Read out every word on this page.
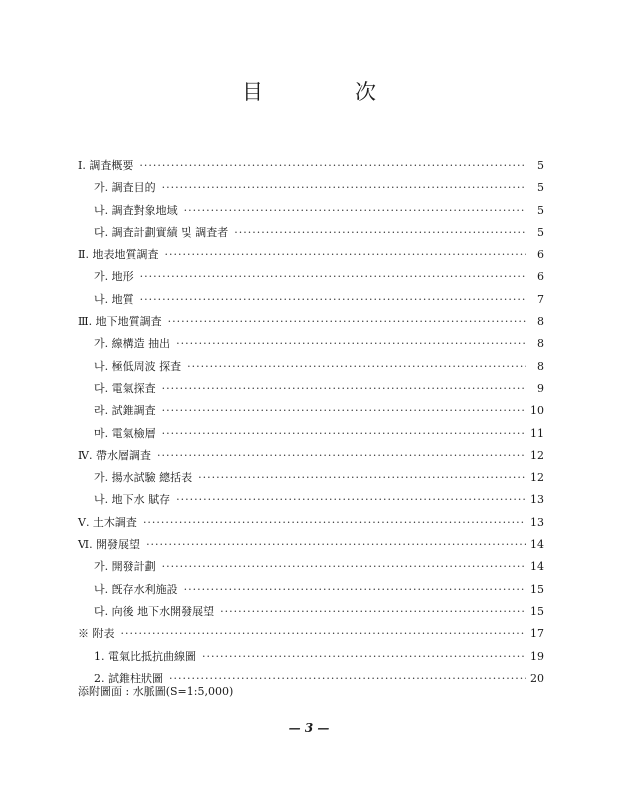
目	次
Ⅰ. 調査概要 ·····	5
가. 調査目的 ·····	5
나. 調査對象地域 ·····	5
다. 調査計劃實績 및 調査者 ·····	5
Ⅱ. 地表地質調査 ·····	6
가. 地形 ·····	6
나. 地質 ·····	7
Ⅲ. 地下地質調査 ·····	8
가. 線構造 抽出 ·····	8
나. 極低周波 探査 ·····	8
다. 電氣探査 ·····	9
라. 試錐調査 ·····	10
마. 電氣檢層 ·····	11
Ⅳ. 帶水層調査 ·····	12
가. 揚水試驗 總括表 ·····	12
나. 地下水 賦存 ·····	13
Ⅴ. 土木調査 ·····	13
Ⅵ. 開發展望 ·····	14
가. 開發計劃 ·····	14
나. 旣存水利施設 ·····	15
다. 向後 地下水開發展望 ·····	15
※ 附表 ·····	17
1. 電氣比抵抗曲線圖 ·····	19
2. 試錐柱狀圖 ·····	20
添附圖面 : 水脈圖(S=1:5,000)
— 3 —
